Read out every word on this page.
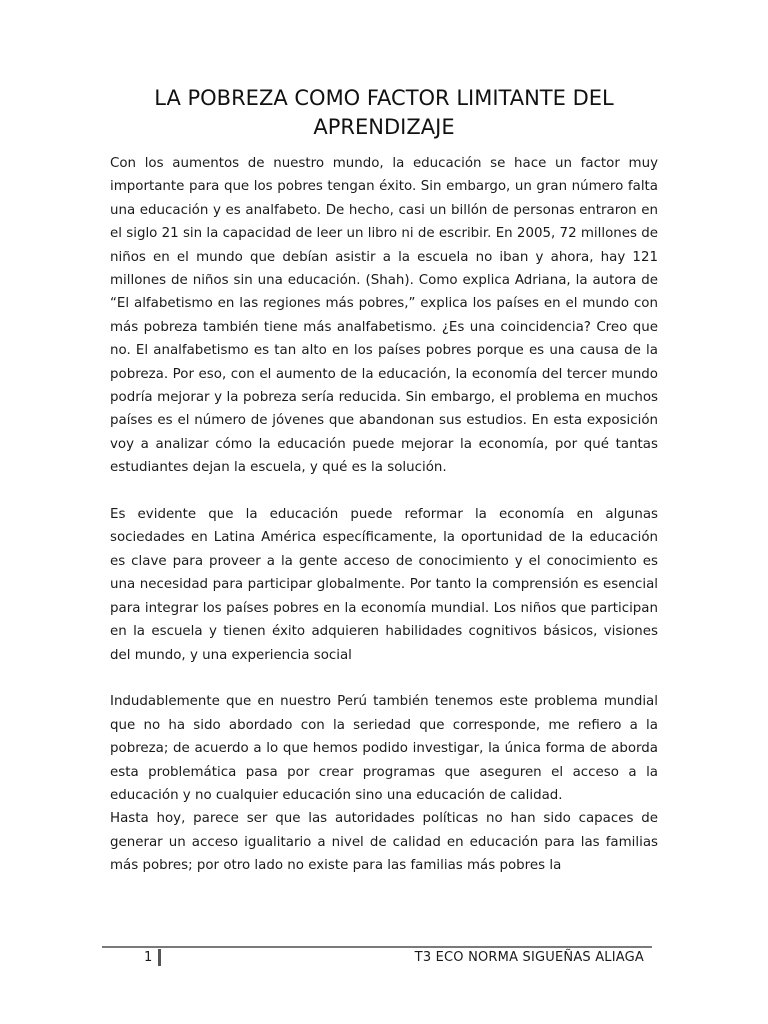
LA POBREZA COMO FACTOR LIMITANTE DEL APRENDIZAJE

Con los aumentos de nuestro mundo, la educación se hace un factor muy importante para que los pobres tengan éxito. Sin embargo, un gran número falta una educación y es analfabeto. De hecho, casi un billón de personas entraron en el siglo 21 sin la capacidad de leer un libro ni de escribir. En 2005, 72 millones de niños en el mundo que debían asistir a la escuela no iban y ahora, hay 121 millones de niños sin una educación. (Shah). Como explica Adriana, la autora de “El alfabetismo en las regiones más pobres,” explica los países en el mundo con más pobreza también tiene más analfabetismo. ¿Es una coincidencia? Creo que no. El analfabetismo es tan alto en los países pobres porque es una causa de la pobreza. Por eso, con el aumento de la educación, la economía del tercer mundo podría mejorar y la pobreza sería reducida. Sin embargo, el problema en muchos países es el número de jóvenes que abandonan sus estudios. En esta exposición voy a analizar cómo la educación puede mejorar la economía, por qué tantas estudiantes dejan la escuela, y qué es la solución.

Es evidente que la educación puede reformar la economía en algunas sociedades en Latina América específicamente, la oportunidad de la educación es clave para proveer a la gente acceso de conocimiento y el conocimiento es una necesidad para participar globalmente. Por tanto la comprensión es esencial para integrar los países pobres en la economía mundial. Los niños que participan en la escuela y tienen éxito adquieren habilidades cognitivos básicos, visiones del mundo, y una experiencia social

Indudablemente que en nuestro Perú también tenemos este problema mundial que no ha sido abordado con la seriedad que corresponde, me refiero a la pobreza; de acuerdo a lo que hemos podido investigar, la única forma de aborda esta problemática pasa por crear programas que aseguren el acceso a la educación y no cualquier educación sino una educación de calidad.

Hasta hoy, parece ser que las autoridades políticas no han sido capaces de generar un acceso igualitario a nivel de calidad en educación para las familias más pobres; por otro lado no existe para las familias más pobres la

1	T3 ECO NORMA SIGUEÑAS ALIAGA
